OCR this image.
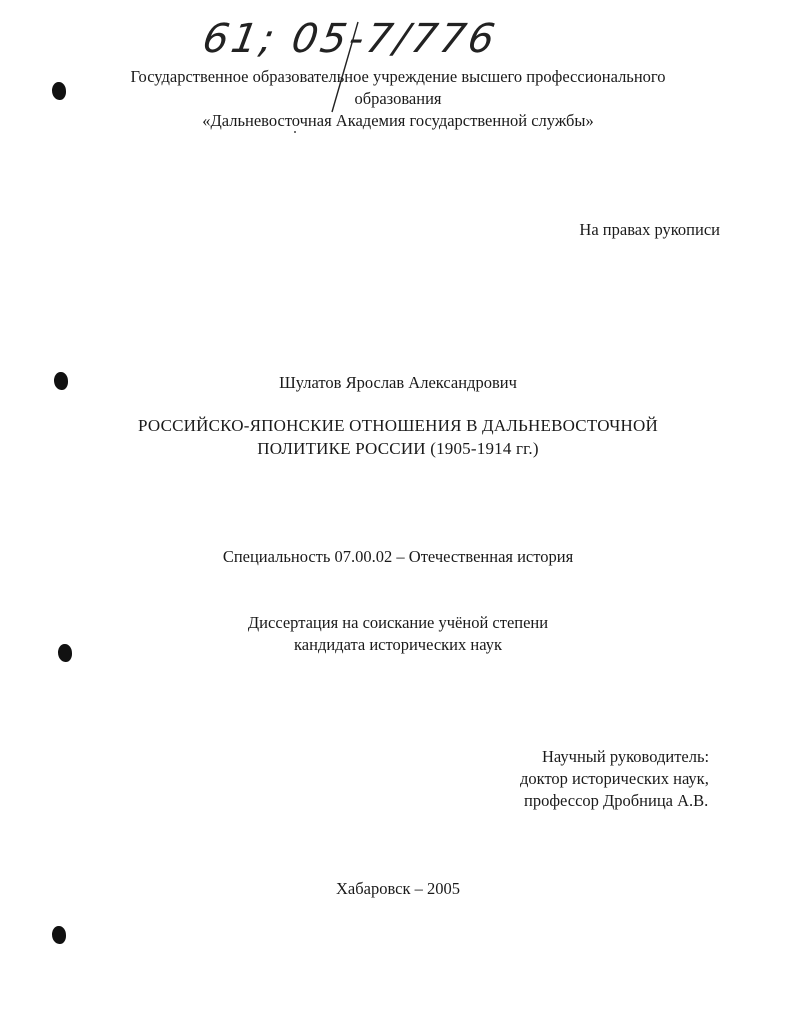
61; 05-7/776
Государственное образовательное учреждение высшего профессионального
образования
«Дальневосточная Академия государственной службы»
На правах рукописи
Шулатов Ярослав Александрович
РОССИЙСКО-ЯПОНСКИЕ ОТНОШЕНИЯ В ДАЛЬНЕВОСТОЧНОЙ
ПОЛИТИКЕ РОССИИ (1905-1914 гг.)
Специальность 07.00.02 – Отечественная история
Диссертация на соискание учёной степени
кандидата исторических наук
Научный руководитель:
доктор исторических наук,
профессор Дробница А.В.
Хабаровск – 2005
